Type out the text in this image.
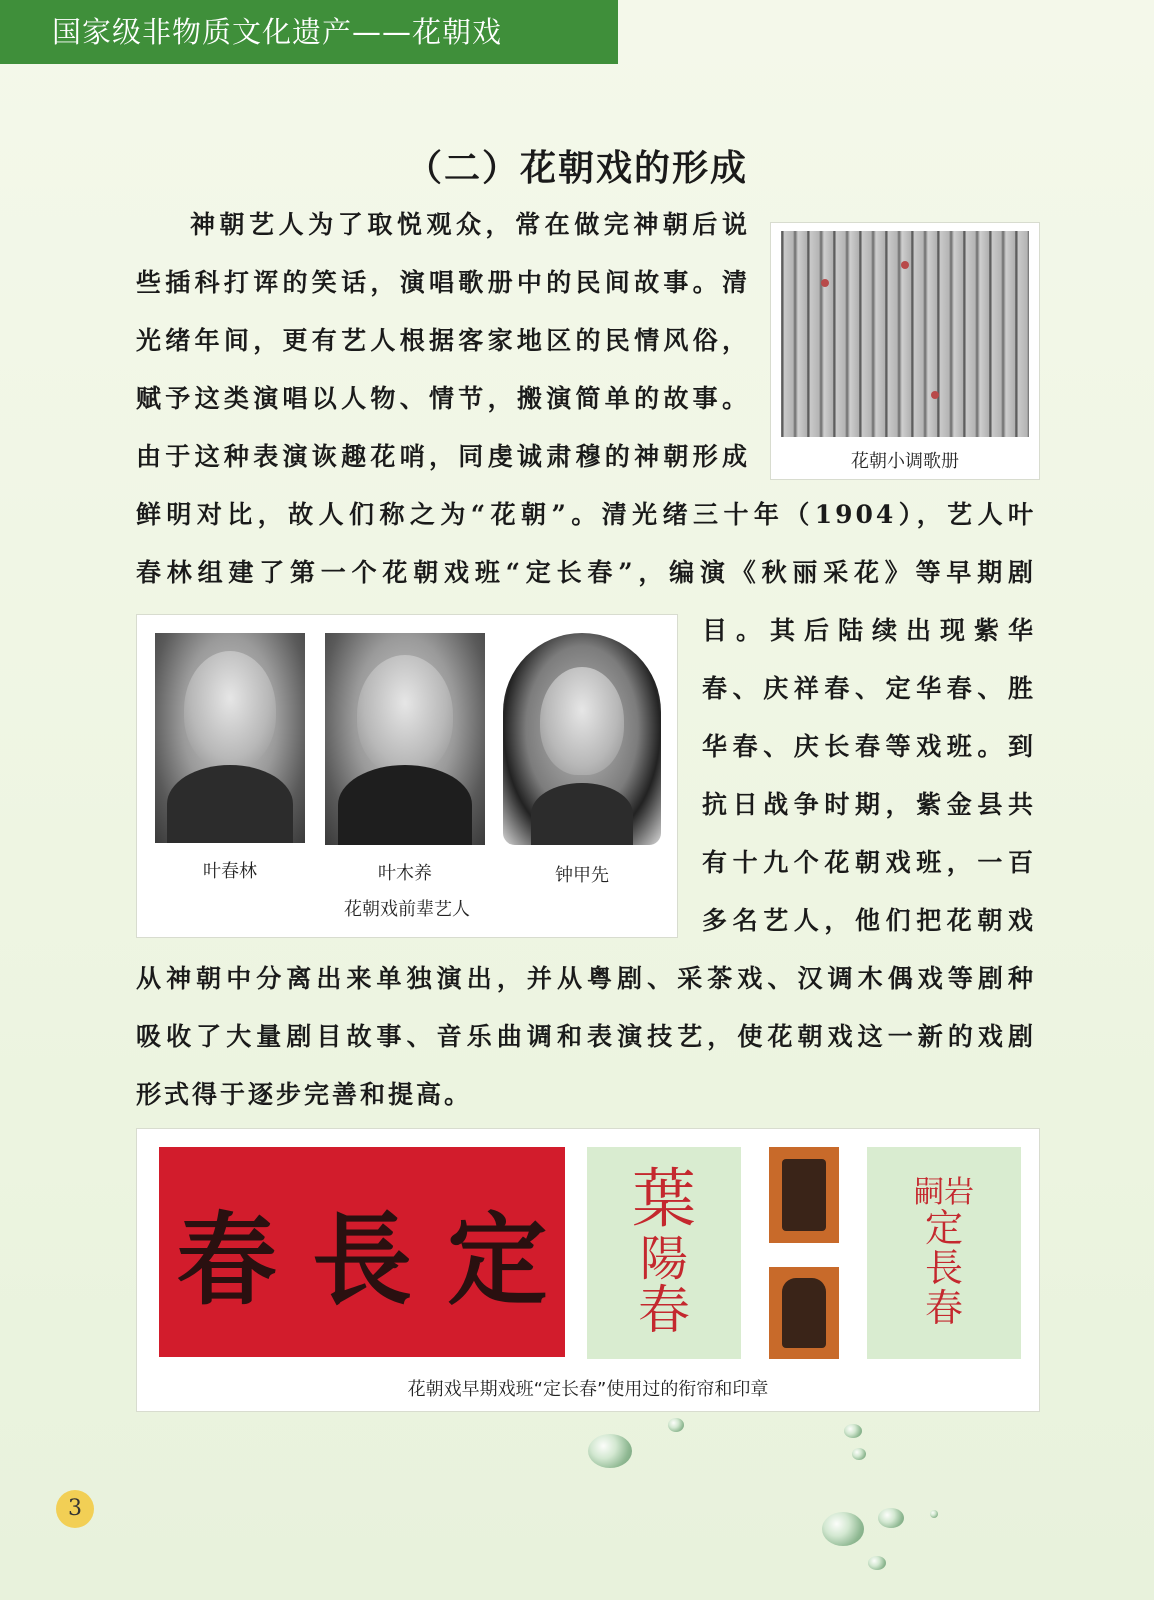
国家级非物质文化遗产——花朝戏
（二）花朝戏的形成

神朝艺人为了取悦观众，常在做完神朝后说

些插科打诨的笑话，演唱歌册中的民间故事。清

光绪年间，更有艺人根据客家地区的民情风俗，

赋予这类演唱以人物、情节，搬演简单的故事。

由于这种表演诙趣花哨，同虔诚肃穆的神朝形成	花朝小调歌册

鲜明对比，故人们称之为“花朝”。清光绪三十年（1904），艺人叶

春林组建了第一个花朝戏班“定长春”，编演《秋丽采花》等早期剧

叶春林	叶木养	钟甲先
花朝戏前辈艺人

目。其后陆续出现紫华

春、庆祥春、定华春、胜

华春、庆长春等戏班。到

抗日战争时期，紫金县共

有十九个花朝戏班，一百

多名艺人，他们把花朝戏

从神朝中分离出来单独演出，并从粤剧、采茶戏、汉调木偶戏等剧种

吸收了大量剧目故事、音乐曲调和表演技艺，使花朝戏这一新的戏剧

形式得于逐步完善和提高。

春 長 定
葉
陽
春
嗣岩
定
長
春
花朝戏早期戏班“定长春”使用过的衔帘和印章
3
